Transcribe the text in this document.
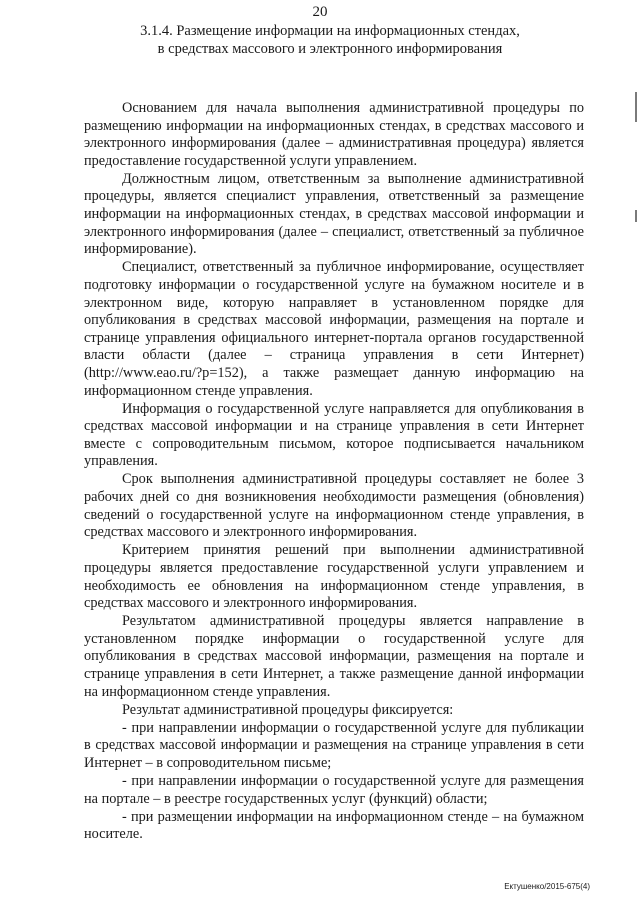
20
3.1.4. Размещение информации на информационных стендах,
в средствах массового и электронного информирования

Основанием для начала выполнения административной процедуры по размещению информации на информационных стендах, в средствах массового и электронного информирования (далее – административная процедура) является предоставление государственной услуги управлением.

Должностным лицом, ответственным за выполнение административной процедуры, является специалист управления, ответственный за размещение информации на информационных стендах, в средствах массовой информации и электронного информирования (далее – специалист, ответственный за публичное информирование).

Специалист, ответственный за публичное информирование, осуществляет подготовку информации о государственной услуге на бумажном носителе и в электронном виде, которую направляет в установленном порядке для опубликования в средствах массовой информации, размещения на портале и странице управления официального интернет-портала органов государственной власти области (далее – страница управления в сети Интернет) (http://www.eao.ru/?p=152), а также размещает данную информацию на информационном стенде управления.

Информация о государственной услуге направляется для опубликования в средствах массовой информации и на странице управления в сети Интернет вместе с сопроводительным письмом, которое подписывается начальником управления.

Срок выполнения административной процедуры составляет не более 3 рабочих дней со дня возникновения необходимости размещения (обновления) сведений о государственной услуге на информационном стенде управления, в средствах массового и электронного информирования.

Критерием принятия решений при выполнении административной процедуры является предоставление государственной услуги управлением и необходимость ее обновления на информационном стенде управления, в средствах массового и электронного информирования.

Результатом административной процедуры является направление в установленном порядке информации о государственной услуге для опубликования в средствах массовой информации, размещения на портале и странице управления в сети Интернет, а также размещение данной информации на информационном стенде управления.

Результат административной процедуры фиксируется:

- при направлении информации о государственной услуге для публикации в средствах массовой информации и размещения на странице управления в сети Интернет – в сопроводительном письме;

- при направлении информации о государственной услуге для размещения на портале – в реестре государственных услуг (функций) области;

- при размещении информации на информационном стенде – на бумажном носителе.

Ектушенко/2015-675(4)
